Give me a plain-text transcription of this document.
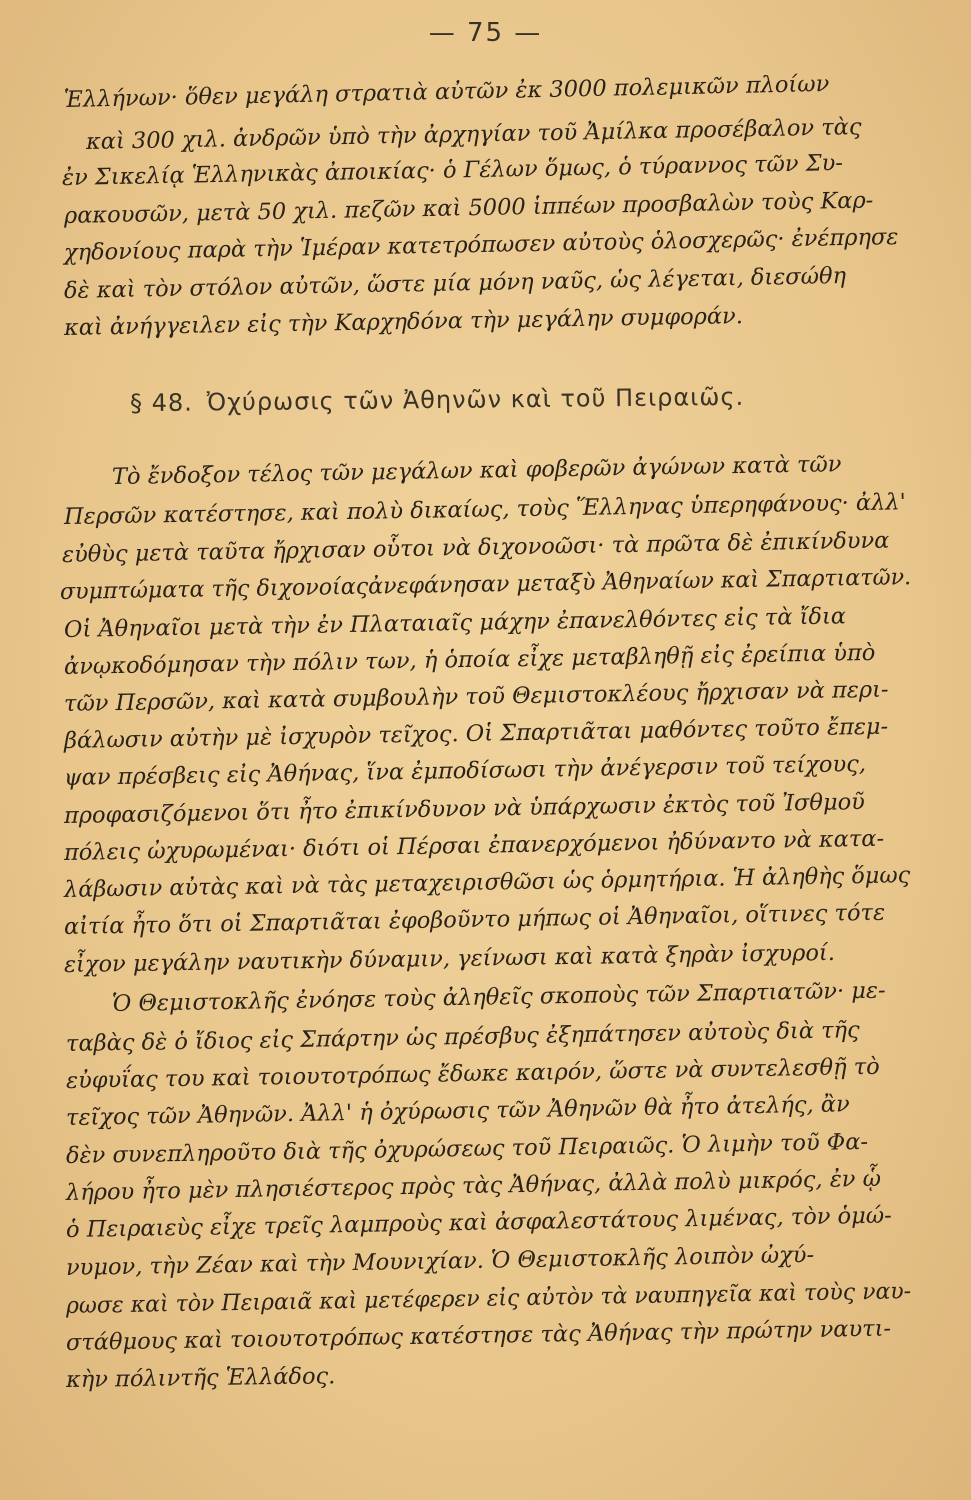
— 75 —
Ἑλλήνων· ὅθεν μεγάλη στρατιὰ αὐτῶν ἐκ 3000 πολεμικῶν πλοίων
καὶ 300 χιλ. ἀνδρῶν ὑπὸ τὴν ἀρχηγίαν τοῦ Ἀμίλκα προσέβαλον τὰς
ἐν Σικελίᾳ Ἑλληνικὰς ἀποικίας· ὁ Γέλων ὅμως, ὁ τύραννος τῶν Συ-
ρακουσῶν, μετὰ 50 χιλ. πεζῶν καὶ 5000 ἱππέων προσβαλὼν τοὺς Καρ-
χηδονίους παρὰ τὴν Ἱμέραν κατετρόπωσεν αὐτοὺς ὁλοσχερῶς· ἐνέπρησε
δὲ καὶ τὸν στόλον αὐτῶν, ὥστε μία μόνη ναῦς, ὡς λέγεται, διεσώθη
καὶ ἀνήγγειλεν εἰς τὴν Καρχηδόνα τὴν μεγάλην συμφοράν.
§ 48. Ὀχύρωσις τῶν Ἀθηνῶν καὶ τοῦ Πειραιῶς.
Τὸ ἔνδοξον τέλος τῶν μεγάλων καὶ φοβερῶν ἀγώνων κατὰ τῶν
Περσῶν κατέστησε, καὶ πολὺ δικαίως, τοὺς Ἕλληνας ὑπερηφάνους· ἀλλ'
εὐθὺς μετὰ ταῦτα ἤρχισαν οὗτοι νὰ διχονοῶσι· τὰ πρῶτα δὲ ἐπικίνδυνα
συμπτώματα τῆς διχονοίαςἀνεφάνησαν μεταξὺ Ἀθηναίων καὶ Σπαρτιατῶν.
Οἱ Ἀθηναῖοι μετὰ τὴν ἐν Πλαταιαῖς μάχην ἐπανελθόντες εἰς τὰ ἴδια
ἀνῳκοδόμησαν τὴν πόλιν των, ἡ ὁποία εἶχε μεταβληθῇ εἰς ἐρείπια ὑπὸ
τῶν Περσῶν, καὶ κατὰ συμβουλὴν τοῦ Θεμιστοκλέους ἤρχισαν νὰ περι-
βάλωσιν αὐτὴν μὲ ἰσχυρὸν τεῖχος. Οἱ Σπαρτιᾶται μαθόντες τοῦτο ἔπεμ-
ψαν πρέσβεις εἰς Ἀθήνας, ἵνα ἐμποδίσωσι τὴν ἀνέγερσιν τοῦ τείχους,
προφασιζόμενοι ὅτι ἦτο ἐπικίνδυνον νὰ ὑπάρχωσιν ἐκτὸς τοῦ Ἰσθμοῦ
πόλεις ὠχυρωμέναι· διότι οἱ Πέρσαι ἐπανερχόμενοι ἠδύναντο νὰ κατα-
λάβωσιν αὐτὰς καὶ νὰ τὰς μεταχειρισθῶσι ὡς ὁρμητήρια. Ἡ ἀληθὴς ὅμως
αἰτία ἦτο ὅτι οἱ Σπαρτιᾶται ἐφοβοῦντο μήπως οἱ Ἀθηναῖοι, οἵτινες τότε
εἶχον μεγάλην ναυτικὴν δύναμιν, γείνωσι καὶ κατὰ ξηρὰν ἰσχυροί.
Ὁ Θεμιστοκλῆς ἐνόησε τοὺς ἀληθεῖς σκοποὺς τῶν Σπαρτιατῶν· με-
ταβὰς δὲ ὁ ἴδιος εἰς Σπάρτην ὡς πρέσβυς ἐξηπάτησεν αὐτοὺς διὰ τῆς
εὐφυΐας του καὶ τοιουτοτρόπως ἔδωκε καιρόν, ὥστε νὰ συντελεσθῇ τὸ
τεῖχος τῶν Ἀθηνῶν. Ἀλλ' ἡ ὀχύρωσις τῶν Ἀθηνῶν θὰ ἦτο ἀτελής, ἂν
δὲν συνεπληροῦτο διὰ τῆς ὀχυρώσεως τοῦ Πειραιῶς. Ὁ λιμὴν τοῦ Φα-
λήρου ἦτο μὲν πλησιέστερος πρὸς τὰς Ἀθήνας, ἀλλὰ πολὺ μικρός, ἐν ᾧ
ὁ Πειραιεὺς εἶχε τρεῖς λαμπροὺς καὶ ἀσφαλεστάτους λιμένας, τὸν ὁμώ-
νυμον, τὴν Ζέαν καὶ τὴν Μουνιχίαν. Ὁ Θεμιστοκλῆς λοιπὸν ὠχύ-
ρωσε καὶ τὸν Πειραιᾶ καὶ μετέφερεν εἰς αὐτὸν τὰ ναυπηγεῖα καὶ τοὺς ναυ-
στάθμους καὶ τοιουτοτρόπως κατέστησε τὰς Ἀθήνας τὴν πρώτην ναυτι-
κὴν πόλιντῆς Ἑλλάδος.
